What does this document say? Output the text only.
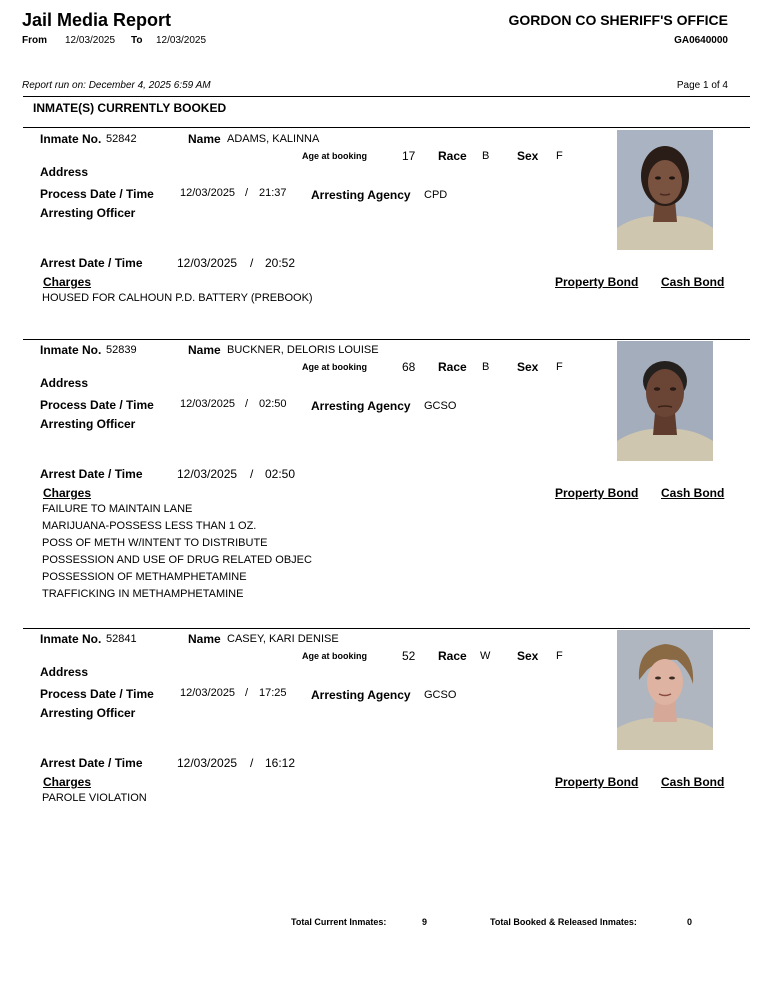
Jail Media Report
From 12/03/2025 To 12/03/2025
GORDON CO SHERIFF'S OFFICE
GA0640000
Report run on: December 4, 2025 6:59 AM	Page 1 of 4
INMATE(S) CURRENTLY BOOKED
Inmate No. 52842	Name ADAMS, KALINNA
Age at booking	17 Race B Sex F
Address
Process Date / Time 12/03/2025 / 21:37 Arresting Agency CPD
Arresting Officer
Arrest Date / Time	12/03/2025 / 20:52
Charges	Property Bond Cash Bond
HOUSED FOR CALHOUN P.D. BATTERY (PREBOOK)
Inmate No. 52839	Name BUCKNER, DELORIS LOUISE
Age at booking	68 Race B Sex F
Address
Process Date / Time 12/03/2025 / 02:50 Arresting Agency GCSO
Arresting Officer
Arrest Date / Time	12/03/2025 / 02:50
Charges	Property Bond Cash Bond
FAILURE TO MAINTAIN LANE
MARIJUANA-POSSESS LESS THAN 1 OZ.
POSS OF METH W/INTENT TO DISTRIBUTE
POSSESSION AND USE OF DRUG RELATED OBJEC
POSSESSION OF METHAMPHETAMINE
TRAFFICKING IN METHAMPHETAMINE
Inmate No. 52841	Name CASEY, KARI DENISE
Age at booking	52 Race W Sex F
Address
Process Date / Time 12/03/2025 / 17:25 Arresting Agency GCSO
Arresting Officer
Arrest Date / Time	12/03/2025 / 16:12
Charges	Property Bond Cash Bond
PAROLE VIOLATION
Total Current Inmates:	9	Total Booked & Released Inmates:	0
